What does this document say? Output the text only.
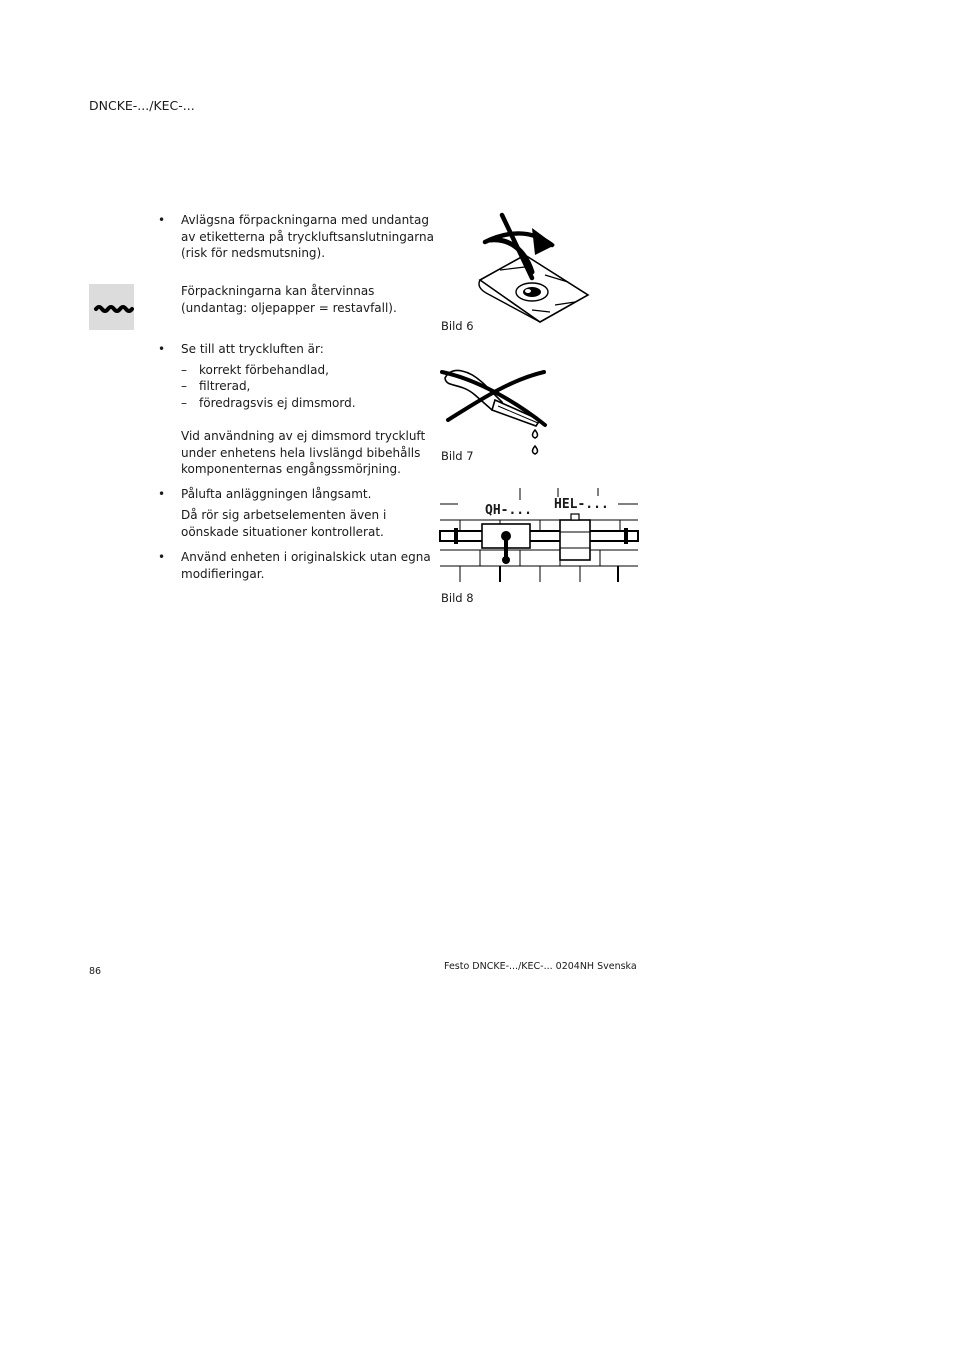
DNCKE-.../KEC-...
• Avlägsna förpackningarna med undantag
av etiketterna på tryckluftsanslutningarna
(risk för nedsmutsning).
Förpackningarna kan återvinnas
(undantag: oljepapper = restavfall).
• Se till att tryckluften är:
–	korrekt förbehandlad,
–	filtrerad,
–	föredragsvis ej dimsmord.
Vid användning av ej dimsmord tryckluft
under enhetens hela livslängd bibehålls
komponenternas engångssmörjning.
• Pålufta anläggningen långsamt.
Då rör sig arbetselementen även i
oönskade situationer kontrollerat.
• Använd enheten i originalskick utan egna
modifieringar.
Bild 6
Bild 7
QH-... HEL-...
Bild 8
86	Festo DNCKE-.../KEC-... 0204NH Svenska
